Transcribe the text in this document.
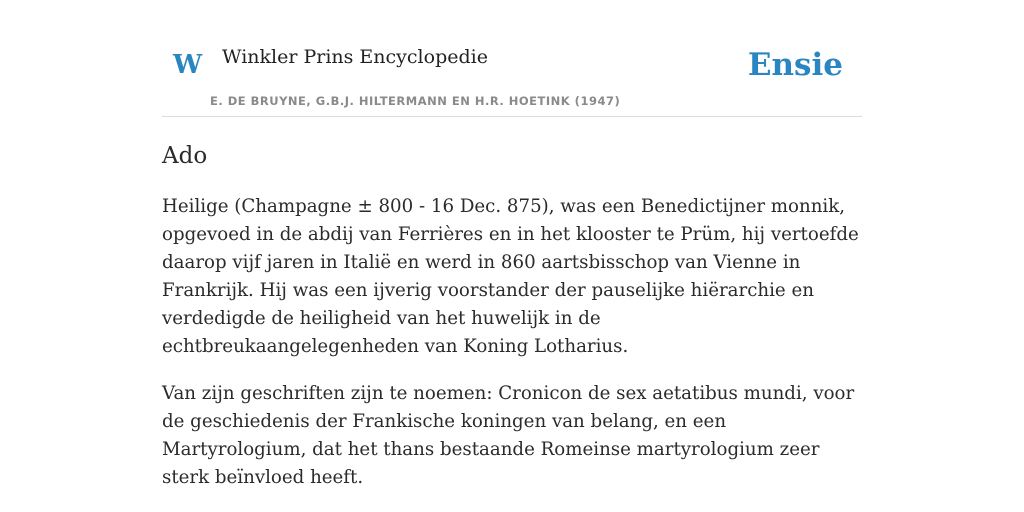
W Winkler Prins Encyclopedie
E. DE BRUYNE, G.B.J. HILTERMANN EN H.R. HOETINK (1947)
Ensie
Ado

Heilige (Champagne ± 800 - 16 Dec. 875), was een Benedictijner monnik, opgevoed in de abdij van Ferrières en in het klooster te Prüm, hij vertoefde daarop vijf jaren in Italië en werd in 860 aartsbisschop van Vienne in Frankrijk. Hij was een ijverig voorstander der pauselijke hiërarchie en verdedigde de heiligheid van het huwelijk in de echtbreukaangelegenheden van Koning Lotharius.

Van zijn geschriften zijn te noemen: Cronicon de sex aetatibus mundi, voor de geschiedenis der Frankische koningen van belang, en een Martyrologium, dat het thans bestaande Romeinse martyrologium zeer sterk beïnvloed heeft.
